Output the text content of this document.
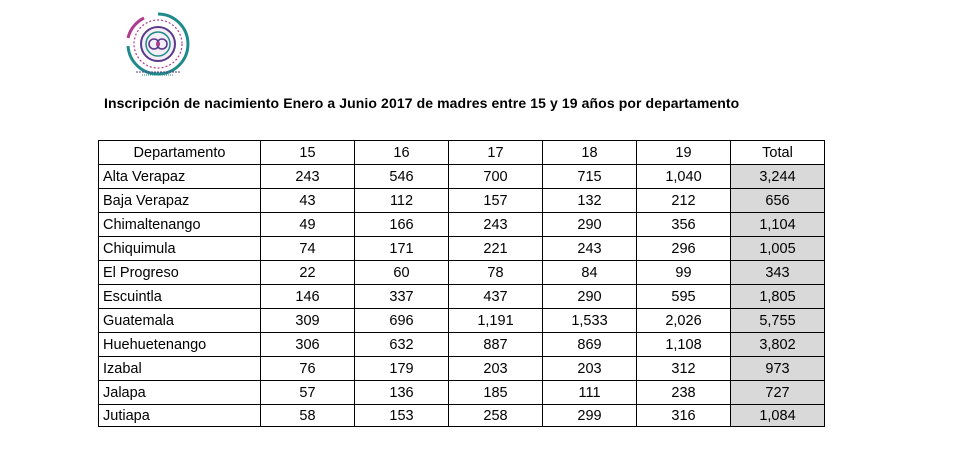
Inscripción de nacimiento Enero a Junio 2017 de madres entre 15 y 19 años por departamento
Departamento	15	16	17	18	19	Total
Alta Verapaz	243	546	700	715	1,040	3,244
Baja Verapaz	43	112	157	132	212	656
Chimaltenango	49	166	243	290	356	1,104
Chiquimula	74	171	221	243	296	1,005
El Progreso	22	60	78	84	99	343
Escuintla	146	337	437	290	595	1,805
Guatemala	309	696	1,191	1,533	2,026	5,755
Huehuetenango	306	632	887	869	1,108	3,802
Izabal	76	179	203	203	312	973
Jalapa	57	136	185	111	238	727
Jutiapa	58	153	258	299	316	1,084
